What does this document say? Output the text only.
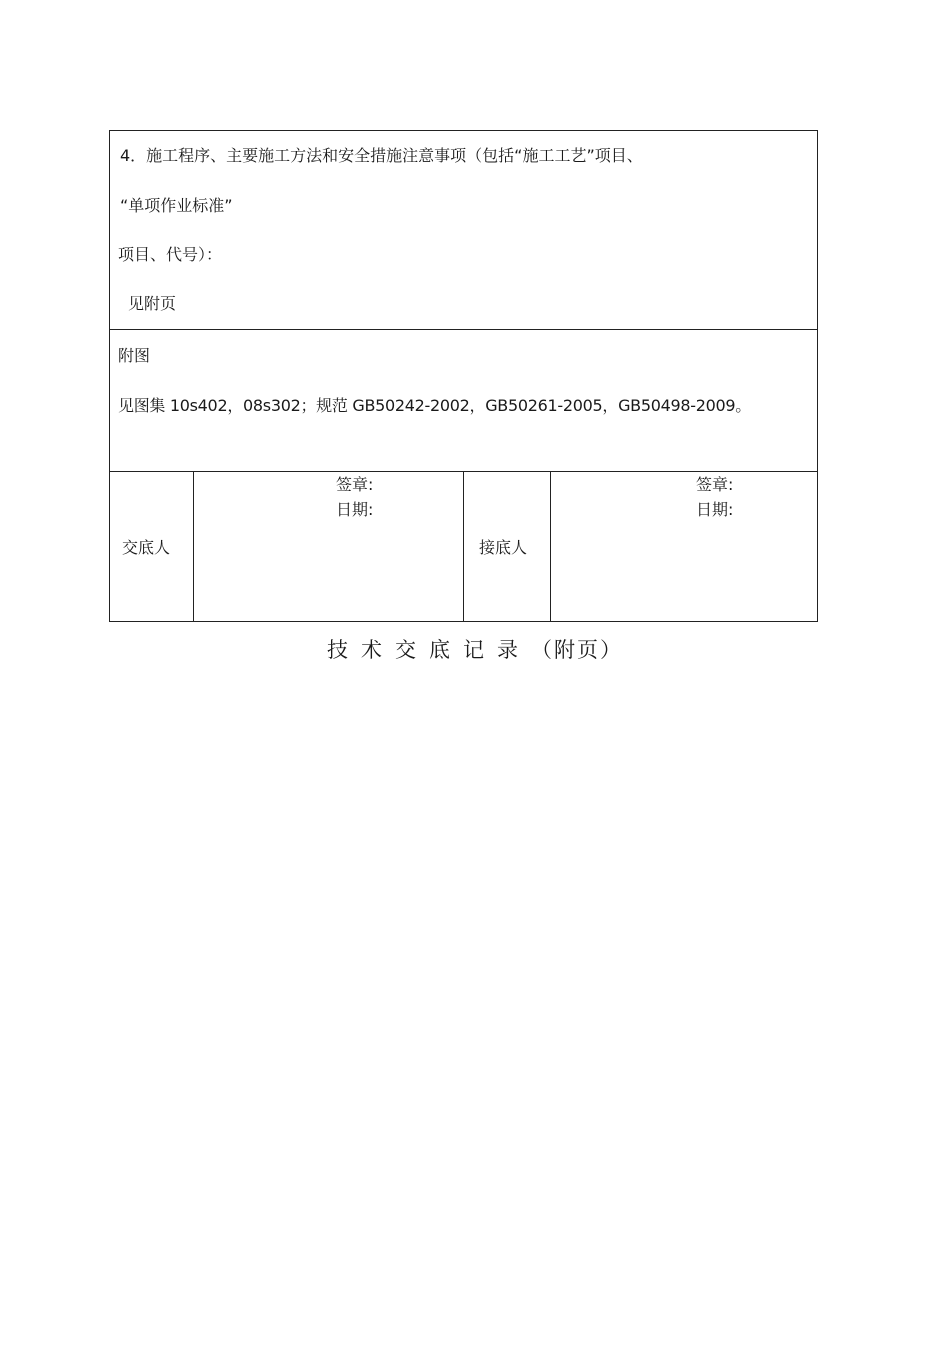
4．施工程序、主要施工方法和安全措施注意事项（包括“施工工艺”项目、
“单项作业标准”
项目、代号）：
见附页
附图
见图集 10s402，08s302；规范 GB50242-2002，GB50261-2005，GB50498-2009。
交底人
签章:
日期:
接底人
签章:
日期:
技术交底记录（附页）
